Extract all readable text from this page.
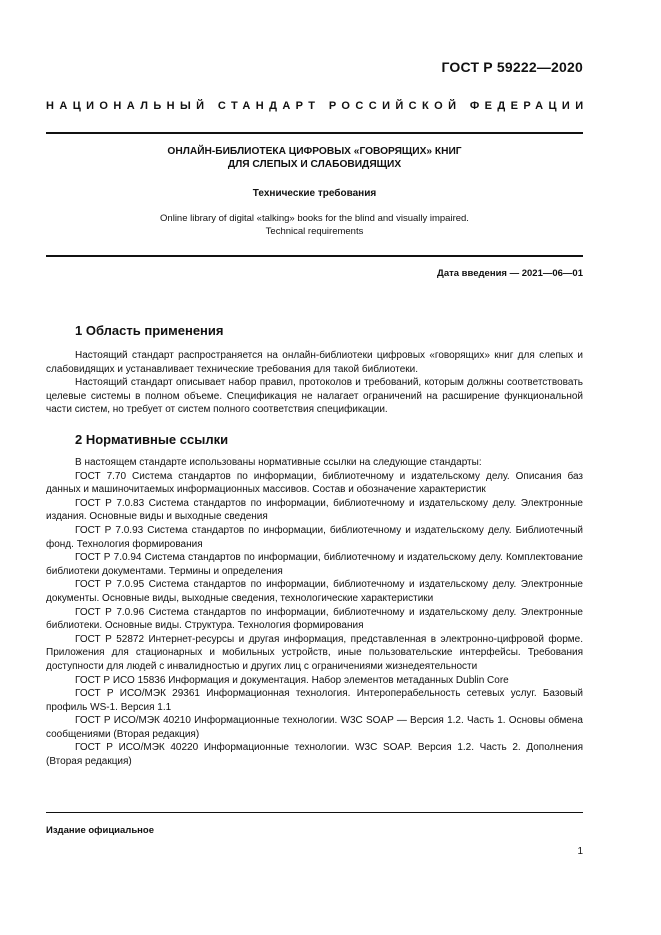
ГОСТ Р 59222—2020
НАЦИОНАЛЬНЫЙ СТАНДАРТ РОССИЙСКОЙ ФЕДЕРАЦИИ
ОНЛАЙН-БИБЛИОТЕКА ЦИФРОВЫХ «ГОВОРЯЩИХ» КНИГ
ДЛЯ СЛЕПЫХ И СЛАБОВИДЯЩИХ
Технические требования
Online library of digital «talking» books for the blind and visually impaired.
Technical requirements
Дата введения — 2021—06—01
1 Область применения

Настоящий стандарт распространяется на онлайн-библиотеки цифровых «говорящих» книг для слепых и слабовидящих и устанавливает технические требования для такой библиотеки.

Настоящий стандарт описывает набор правил, протоколов и требований, которым должны соответствовать целевые системы в полном объеме. Спецификация не налагает ограничений на расширение функциональной части систем, но требует от систем полного соответствия спецификации.

2 Нормативные ссылки

В настоящем стандарте использованы нормативные ссылки на следующие стандарты:

ГОСТ 7.70 Система стандартов по информации, библиотечному и издательскому делу. Описания баз данных и машиночитаемых информационных массивов. Состав и обозначение характеристик

ГОСТ Р 7.0.83 Система стандартов по информации, библиотечному и издательскому делу. Электронные издания. Основные виды и выходные сведения

ГОСТ Р 7.0.93 Система стандартов по информации, библиотечному и издательскому делу. Библиотечный фонд. Технология формирования

ГОСТ Р 7.0.94 Система стандартов по информации, библиотечному и издательскому делу. Комплектование библиотеки документами. Термины и определения

ГОСТ Р 7.0.95 Система стандартов по информации, библиотечному и издательскому делу. Электронные документы. Основные виды, выходные сведения, технологические характеристики

ГОСТ Р 7.0.96 Система стандартов по информации, библиотечному и издательскому делу. Электронные библиотеки. Основные виды. Структура. Технология формирования

ГОСТ Р 52872 Интернет-ресурсы и другая информация, представленная в электронно-цифровой форме. Приложения для стационарных и мобильных устройств, иные пользовательские интерфейсы. Требования доступности для людей с инвалидностью и других лиц с ограничениями жизнедеятельности

ГОСТ Р ИСО 15836 Информация и документация. Набор элементов метаданных Dublin Core

ГОСТ Р ИСО/МЭК 29361 Информационная технология. Интероперабельность сетевых услуг. Базовый профиль WS-1. Версия 1.1

ГОСТ Р ИСО/МЭК 40210 Информационные технологии. W3C SOAP — Версия 1.2. Часть 1. Основы обмена сообщениями (Вторая редакция)

ГОСТ Р ИСО/МЭК 40220 Информационные технологии. W3C SOAP. Версия 1.2. Часть 2. Дополнения (Вторая редакция)

Издание официальное
1
